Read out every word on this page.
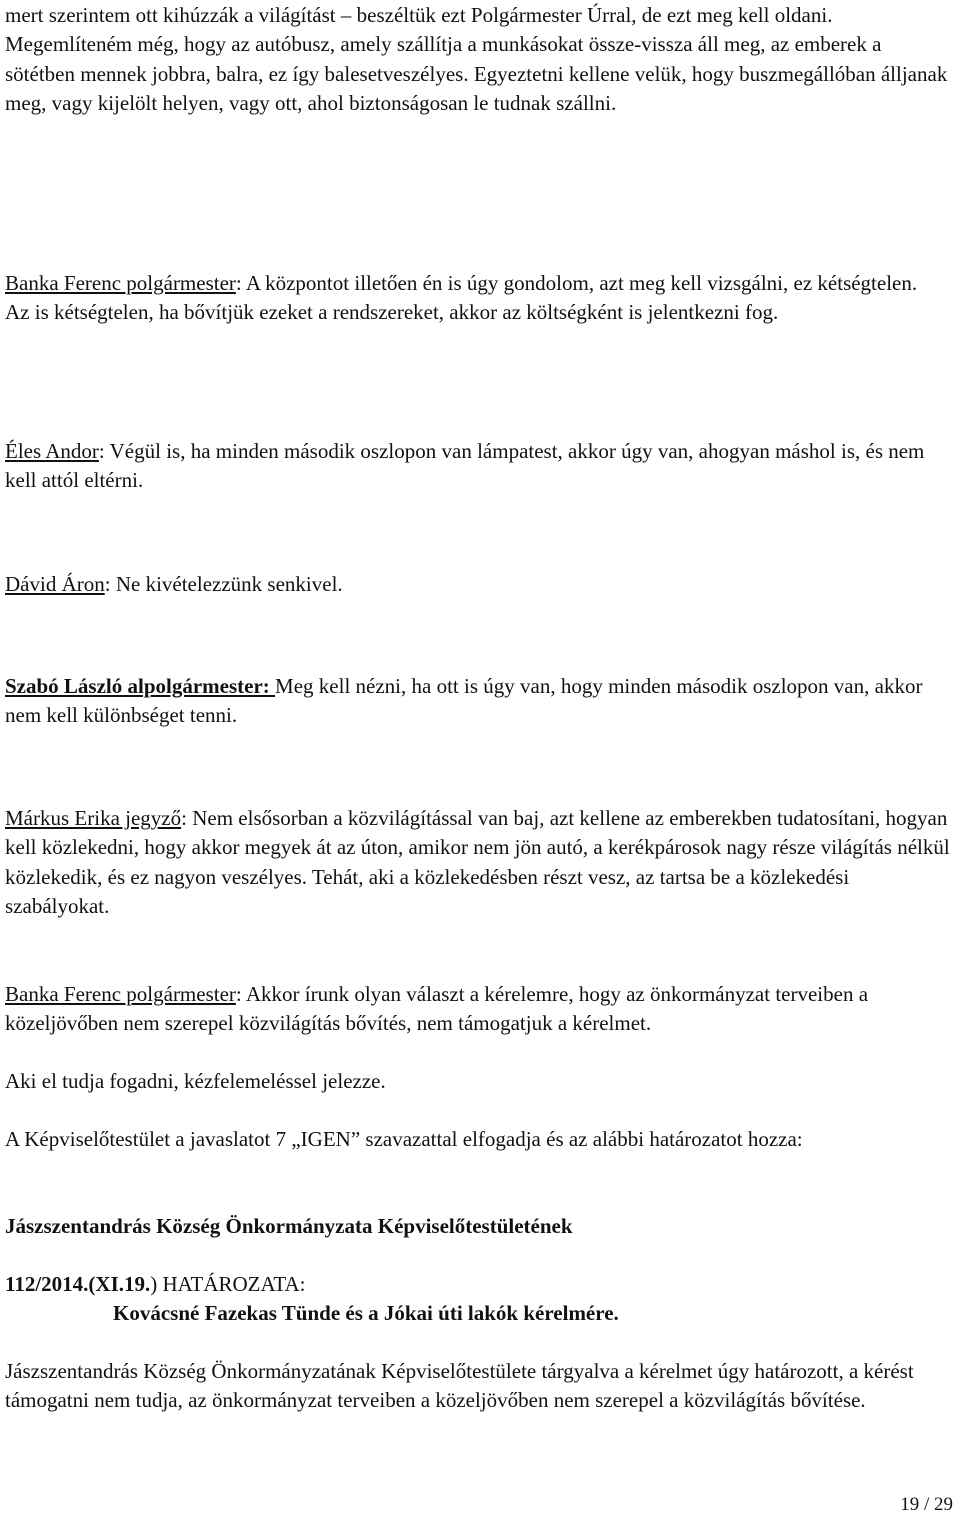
mert szerintem ott kihúzzák a világítást – beszéltük ezt Polgármester Úrral, de ezt meg kell oldani.

Megemlíteném még, hogy az autóbusz, amely szállítja a munkásokat össze-vissza áll meg, az emberek a sötétben mennek jobbra, balra, ez így balesetveszélyes. Egyeztetni kellene velük, hogy buszmegállóban álljanak meg, vagy kijelölt helyen, vagy ott, ahol biztonságosan le tudnak szállni.

Banka Ferenc polgármester: A központot illetően én is úgy gondolom, azt meg kell vizsgálni, ez kétségtelen.

Az is kétségtelen, ha bővítjük ezeket a rendszereket, akkor az költségként is jelentkezni fog.

Éles Andor: Végül is, ha minden második oszlopon van lámpatest, akkor úgy van, ahogyan máshol is, és nem kell attól eltérni.

Dávid Áron: Ne kivételezzünk senkivel.

Szabó László alpolgármester: Meg kell nézni, ha ott is úgy van, hogy minden második oszlopon van, akkor nem kell különbséget tenni.

Márkus Erika jegyző: Nem elsősorban a közvilágítással van baj, azt kellene az emberekben tudatosítani, hogyan kell közlekedni, hogy akkor megyek át az úton, amikor nem jön autó, a kerékpárosok nagy része világítás nélkül közlekedik, és ez nagyon veszélyes. Tehát, aki a közlekedésben részt vesz, az tartsa be a közlekedési szabályokat.

Banka Ferenc polgármester: Akkor írunk olyan választ a kérelemre, hogy az önkormányzat terveiben a közeljövőben nem szerepel közvilágítás bővítés, nem támogatjuk a kérelmet.

Aki el tudja fogadni, kézfelemeléssel jelezze.

A Képviselőtestület a javaslatot 7 „IGEN” szavazattal elfogadja és az alábbi határozatot hozza:

Jászszentandrás Község Önkormányzata Képviselőtestületének

112/2014.(XI.19.) HATÁROZATA:

Kovácsné Fazekas Tünde és a Jókai úti lakók kérelmére.

Jászszentandrás Község Önkormányzatának Képviselőtestülete tárgyalva a kérelmet úgy határozott, a kérést támogatni nem tudja, az önkormányzat terveiben a közeljövőben nem szerepel a közvilágítás bővítése.

19 / 29
